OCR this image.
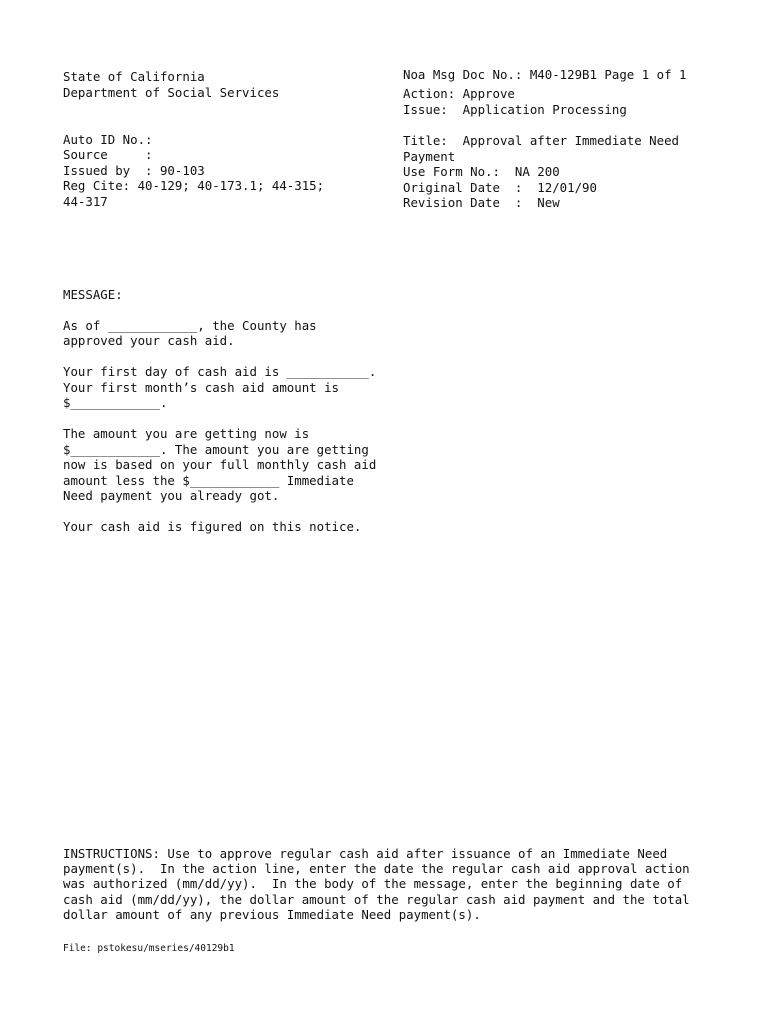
State of California
Department of Social Services
Noa Msg Doc No.: M40-129B1 Page 1 of 1
Action: Approve
Issue:  Application Processing
Auto ID No.:
Source     :
Issued by  : 90-103
Reg Cite: 40-129; 40-173.1; 44-315;
44-317
Title:  Approval after Immediate Need
Payment
Use Form No.:  NA 200
Original Date  :  12/01/90
Revision Date  :  New
MESSAGE:
As of ____________, the County has
approved your cash aid.
Your first day of cash aid is ___________.
Your first month’s cash aid amount is
$____________.
The amount you are getting now is
$____________. The amount you are getting
now is based on your full monthly cash aid
amount less the $____________ Immediate
Need payment you already got.
Your cash aid is figured on this notice.
INSTRUCTIONS: Use to approve regular cash aid after issuance of an Immediate Need
payment(s).  In the action line, enter the date the regular cash aid approval action
was authorized (mm/dd/yy).  In the body of the message, enter the beginning date of
cash aid (mm/dd/yy), the dollar amount of the regular cash aid payment and the total
dollar amount of any previous Immediate Need payment(s).
File: pstokesu/mseries/40129b1
